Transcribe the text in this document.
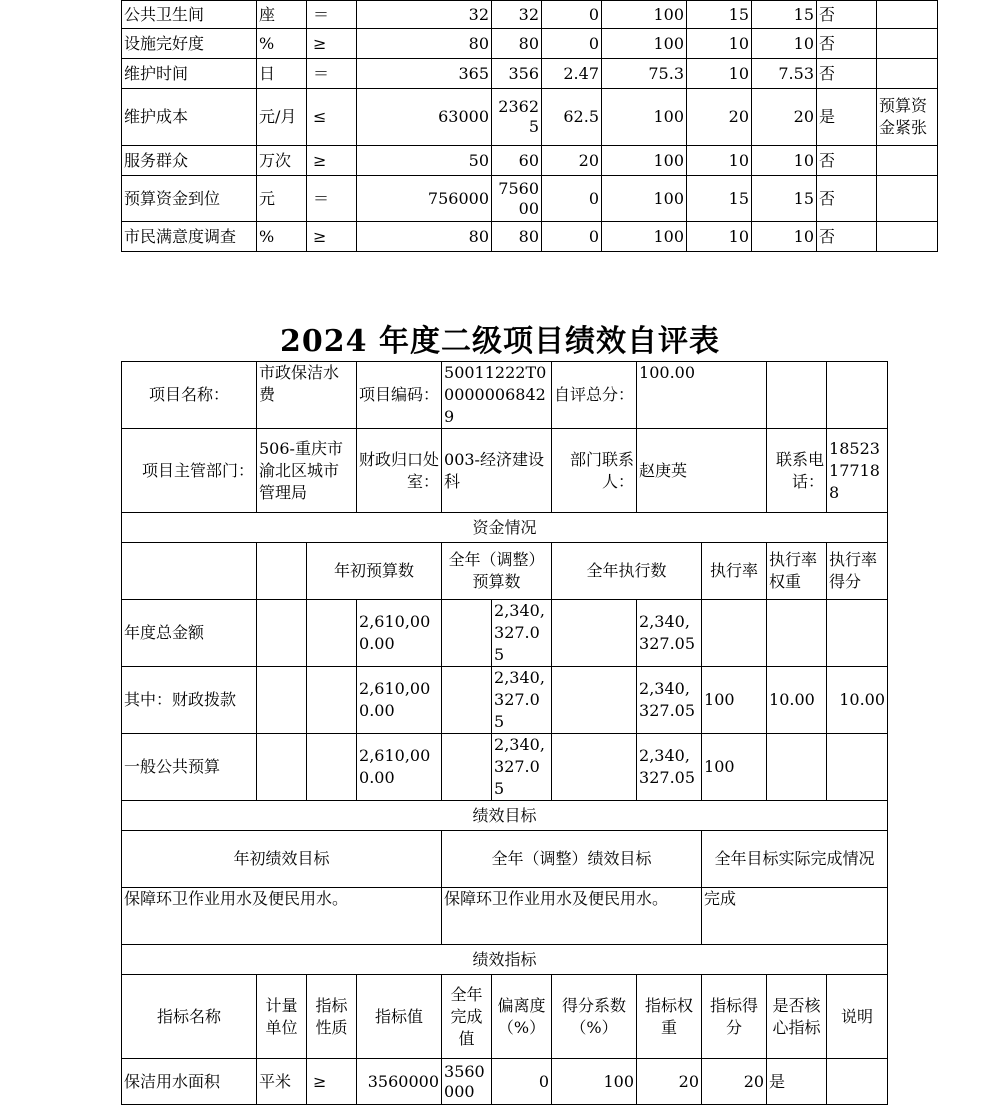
公共卫生间	座	＝	32	32	0	100	15	15	否	
设施完好度	%	≥	80	80	0	100	10	10	否	
维护时间	日	＝	365	356	2.47	75.3	10	7.53	否	
维护成本	元/月	≤	63000	23625	62.5	100	20	20	是	预算资金紧张
服务群众	万次	≥	50	60	20	100	10	10	否	
预算资金到位	元	＝	756000	756000	0	100	15	15	否	
市民满意度调查	%	≥	80	80	0	100	10	10	否	
2024 年度二级项目绩效自评表
项目名称：	市政保洁水费		项目编码：	50011222T000000068429		自评总分：	100.00			
项目主管部门：	506-重庆市渝北区城市管理局		财政归口处室：	003-经济建设科		部门联系人：	赵庚英		联系电话：	18523177188
资金情况										
		年初预算数		全年（调整）预算数		全年执行数		执行率	执行率权重	执行率得分
年度总金额			2,610,000.00		2,340,327.05		2,340,327.05			
其中：财政拨款			2,610,000.00		2,340,327.05		2,340,327.05	100	10.00	10.00
一般公共预算			2,610,000.00		2,340,327.05		2,340,327.05	100		
绩效目标										
年初绩效目标				全年（调整）绩效目标				全年目标实际完成情况		
保障环卫作业用水及便民用水。				保障环卫作业用水及便民用水。				完成		
绩效指标										
指标名称	计量单位	指标性质	指标值	全年完成值	偏离度（%）	得分系数（%）	指标权重	指标得分	是否核心指标	说明
保洁用水面积	平米	≥	3560000	3560000	0	100	20	20	是	
